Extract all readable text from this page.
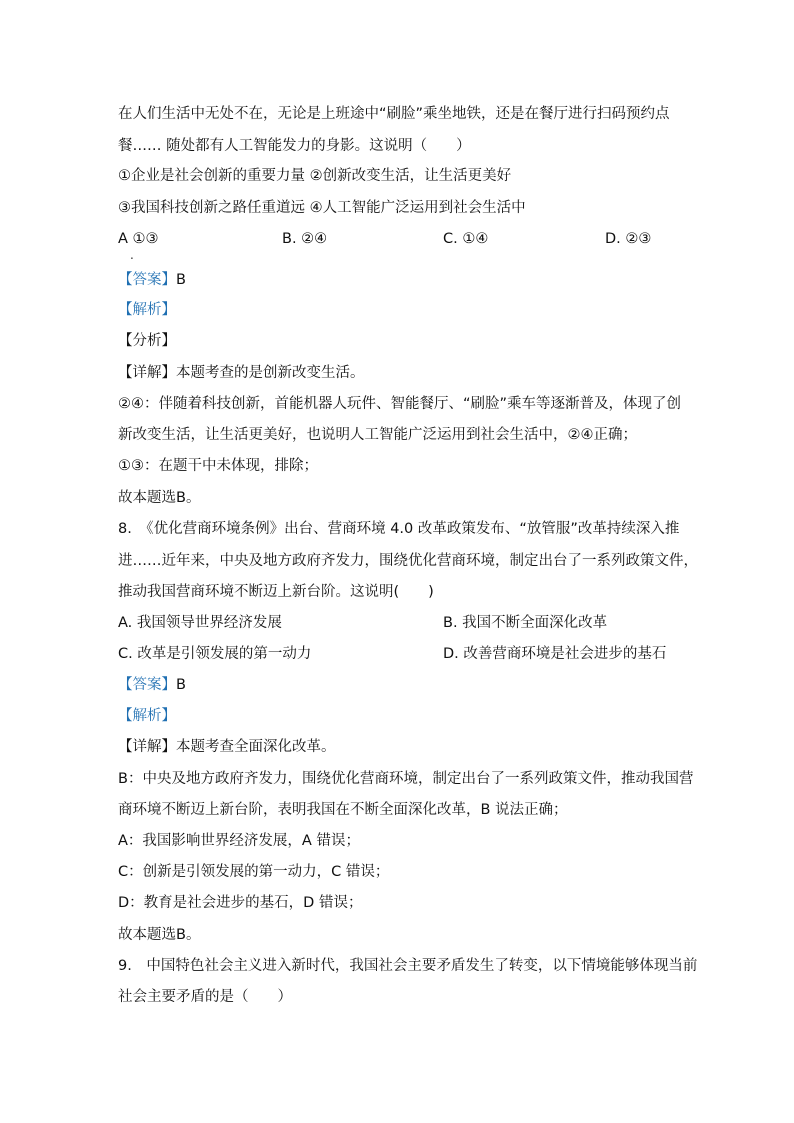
在人们生活中无处不在，无论是上班途中“刷脸”乘坐地铁，还是在餐厅进行扫码预约点
餐…… 随处都有人工智能发力的身影。这说明（　　）
①企业是社会创新的重要力量 ②创新改变生活，让生活更美好
③我国科技创新之路任重道远 ④人工智能广泛运用到社会生活中
A ①③	B. ②④	C. ①④	D. ②③
.
【答案】B
【解析】
【分析】
【详解】本题考查的是创新改变生活。
②④：伴随着科技创新，首能机器人玩件、智能餐厅、“刷脸”乘车等逐渐普及，体现了创
新改变生活，让生活更美好，也说明人工智能广泛运用到社会生活中，②④正确；
①③：在题干中未体现，排除；
故本题选B。
8.　《优化营商环境条例》出台、营商环境 4.0 改革政策发布、“放管服”改革持续深入推
进……近年来，中央及地方政府齐发力，围绕优化营商环境，制定出台了一系列政策文件，
推动我国营商环境不断迈上新台阶。这说明(　　)
A. 我国领导世界经济发展	B. 我国不断全面深化改革
C. 改革是引领发展的第一动力	D. 改善营商环境是社会进步的基石
【答案】B
【解析】
【详解】本题考查全面深化改革。
B：中央及地方政府齐发力，围绕优化营商环境，制定出台了一系列政策文件，推动我国营
商环境不断迈上新台阶，表明我国在不断全面深化改革，B 说法正确；
A：我国影响世界经济发展，A 错误；
C：创新是引领发展的第一动力，C 错误；
D：教育是社会进步的基石，D 错误；
故本题选B。
9.　中国特色社会主义进入新时代，我国社会主要矛盾发生了转变，以下情境能够体现当前
社会主要矛盾的是（　　）
